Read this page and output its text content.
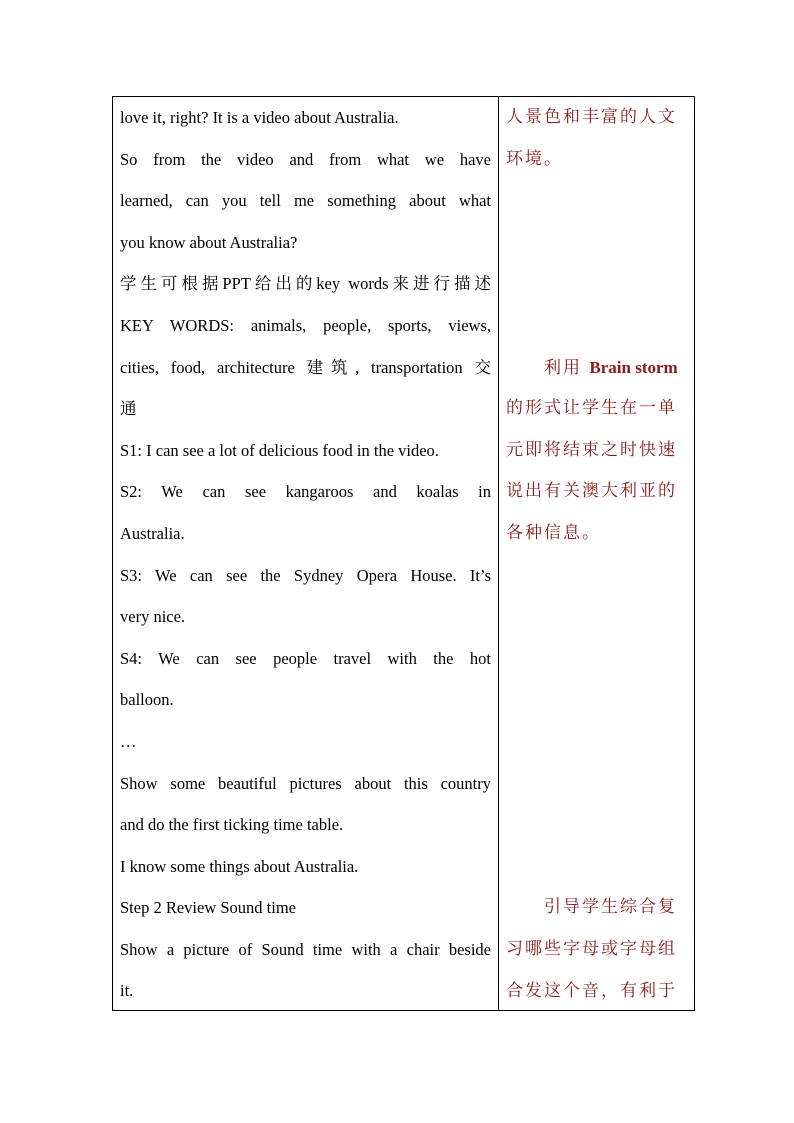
love it, right? It is a video about Australia.
So from the video and from what we have
learned, can you tell me something about what
you know about Australia?
学生可根据PPT给出的key words来进行描述
KEY WORDS: animals, people, sports, views,
cities, food, architecture 建筑, transportation 交
通
S1: I can see a lot of delicious food in the video.
S2: We can see kangaroos and koalas in
Australia.
S3: We can see the Sydney Opera House. It’s
very nice.
S4: We can see people travel with the hot
balloon.
…
Show some beautiful pictures about this country
and do the first ticking time table.
I know some things about Australia.
Step 2 Review Sound time
Show a picture of Sound time with a chair beside
it.
人景色和丰富的人文
环境。
利用 Brain storm
的形式让学生在一单
元即将结束之时快速
说出有关澳大利亚的
各种信息。
引导学生综合复
习哪些字母或字母组
合发这个音，有利于
